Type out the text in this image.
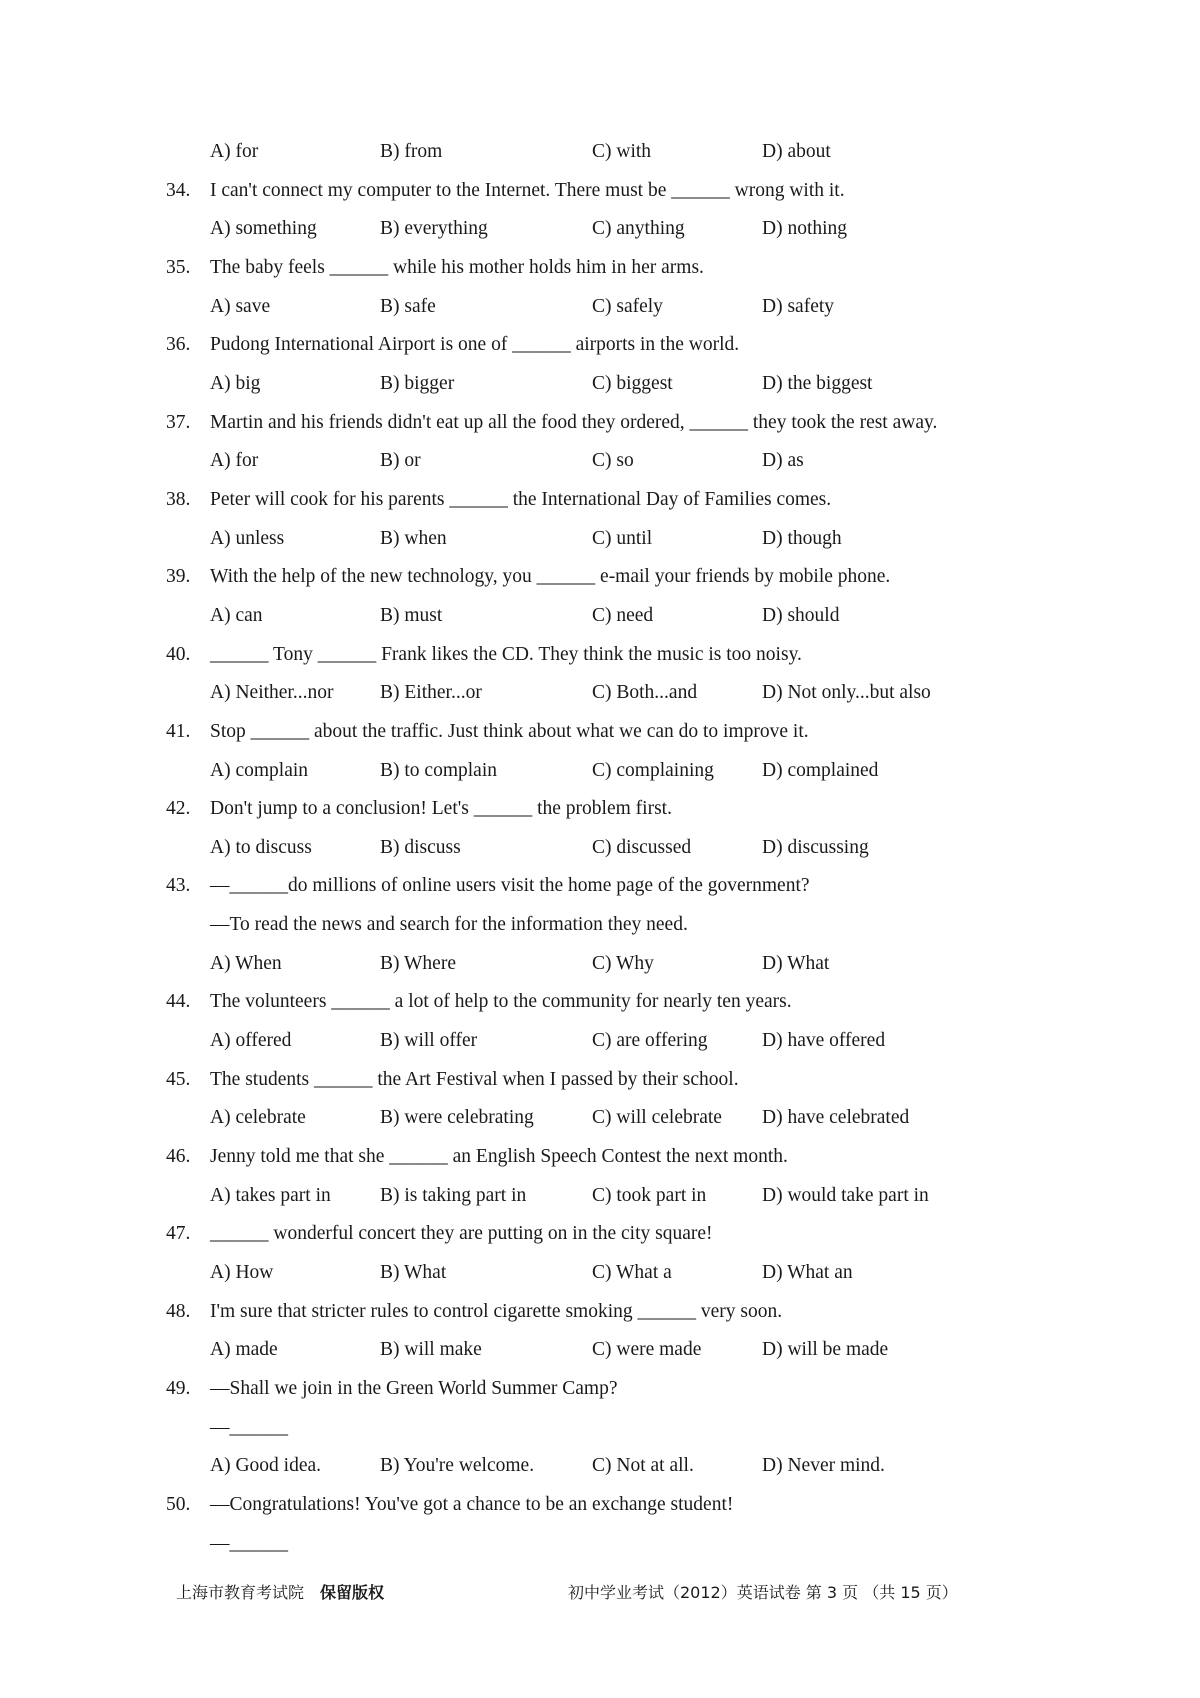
A) for	B) from	C) with	D) about
34. I can't connect my computer to the Internet. There must be ______ wrong with it.
A) something	B) everything	C) anything	D) nothing
35. The baby feels ______ while his mother holds him in her arms.
A) save	B) safe	C) safely	D) safety
36. Pudong International Airport is one of ______ airports in the world.
A) big	B) bigger	C) biggest	D) the biggest
37. Martin and his friends didn't eat up all the food they ordered, ______ they took the rest away.
A) for	B) or	C) so	D) as
38. Peter will cook for his parents ______ the International Day of Families comes.
A) unless	B) when	C) until	D) though
39. With the help of the new technology, you ______ e-mail your friends by mobile phone.
A) can	B) must	C) need	D) should
40. ______ Tony ______ Frank likes the CD. They think the music is too noisy.
A) Neither...nor B) Either...or	C) Both...and	D) Not only...but also
41. Stop ______ about the traffic. Just think about what we can do to improve it.
A) complain	B) to complain	C) complaining D) complained
42. Don't jump to a conclusion! Let's ______ the problem first.
A) to discuss	B) discuss	C) discussed	D) discussing
43. —______do millions of online users visit the home page of the government?
—To read the news and search for the information they need.
A) When	B) Where	C) Why	D) What
44. The volunteers ______ a lot of help to the community for nearly ten years.
A) offered	B) will offer	C) are offering	D) have offered
45. The students ______ the Art Festival when I passed by their school.
A) celebrate	B) were celebrating	C) will celebrate D) have celebrated
46. Jenny told me that she ______ an English Speech Contest the next month.
A) takes part in	B) is taking part in	C) took part in	D) would take part in
47. ______ wonderful concert they are putting on in the city square!
A) How	B) What	C) What a	D) What an
48. I'm sure that stricter rules to control cigarette smoking ______ very soon.
A) made	B) will make	C) were made	D) will be made
49. —Shall we join in the Green World Summer Camp?
—______
A) Good idea.	B) You're welcome.	C) Not at all.	D) Never mind.
50. —Congratulations! You've got a chance to be an exchange student!
—______
上海市教育考试院 保留版权	初中学业考试（2012）英语试卷 第 3 页 （共 15 页）
